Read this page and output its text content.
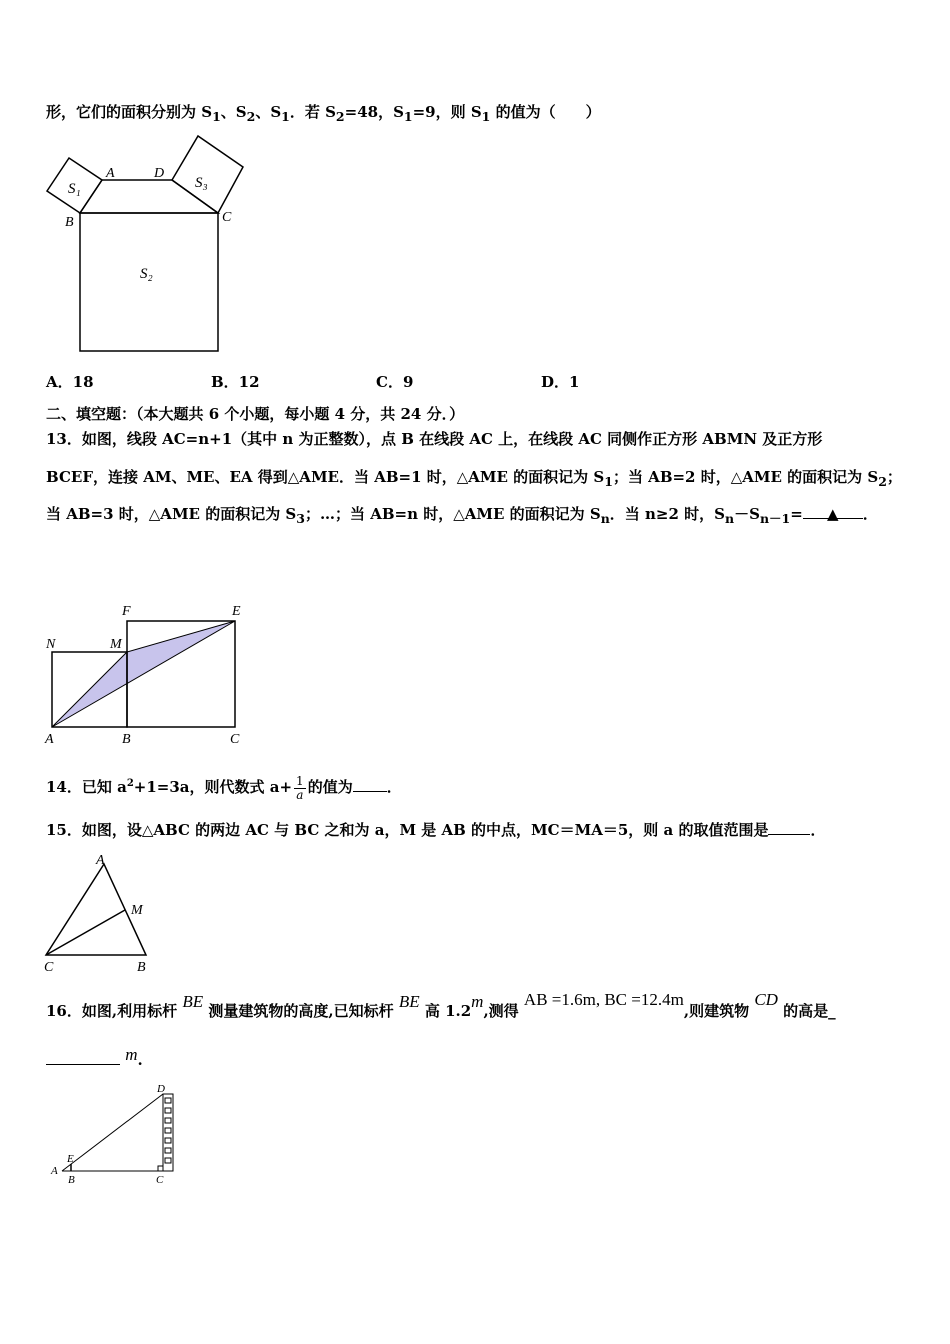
形，它们的面积分别为 $S_1$、$S_2$、$S_1$．若 $S_2=48$，$S_1=9$，则 $S_1$ 的值为（　　）
A	D
B	C
S₁	S₃
S₂
A．18	B．12	C．9	D．1
二、填空题：（本大题共 6 个小题，每小题 4 分，共 24 分．）
13．如图，线段 AC=n+1（其中 n 为正整数），点 B 在线段 AC 上，在线段 AC 同侧作正方形 ABMN 及正方形
BCEF，连接 AM、ME、EA 得到△AME．当 AB=1 时，△AME 的面积记为 $S_1$；当 AB=2 时，△AME 的面积记为 $S_2$；
当 AB=3 时，△AME 的面积记为 $S_3$；…；当 AB=n 时，△AME 的面积记为 $S_n$．当 n≥2 时，$S_n-S_{n-1}=$ ▲ ．
F	E
N	M
A	B	C
14．已知 $a^2+1=3a$，则代数式 $a+ \frac{1}{a}$ 的值为 ．
15．如图，设△ABC 的两边 AC 与 BC 之和为 a，M 是 AB 的中点，MC＝MA＝5，则 a 的取值范围是	．
A
M
C	B
16．如图,利用标杆 BE 测量建筑物的高度,已知标杆 BE 高 1.2m,测得 AB =1.6m, BC =12.4m,则建筑物 CD 的高是_
m.
D
E
A
B	C
